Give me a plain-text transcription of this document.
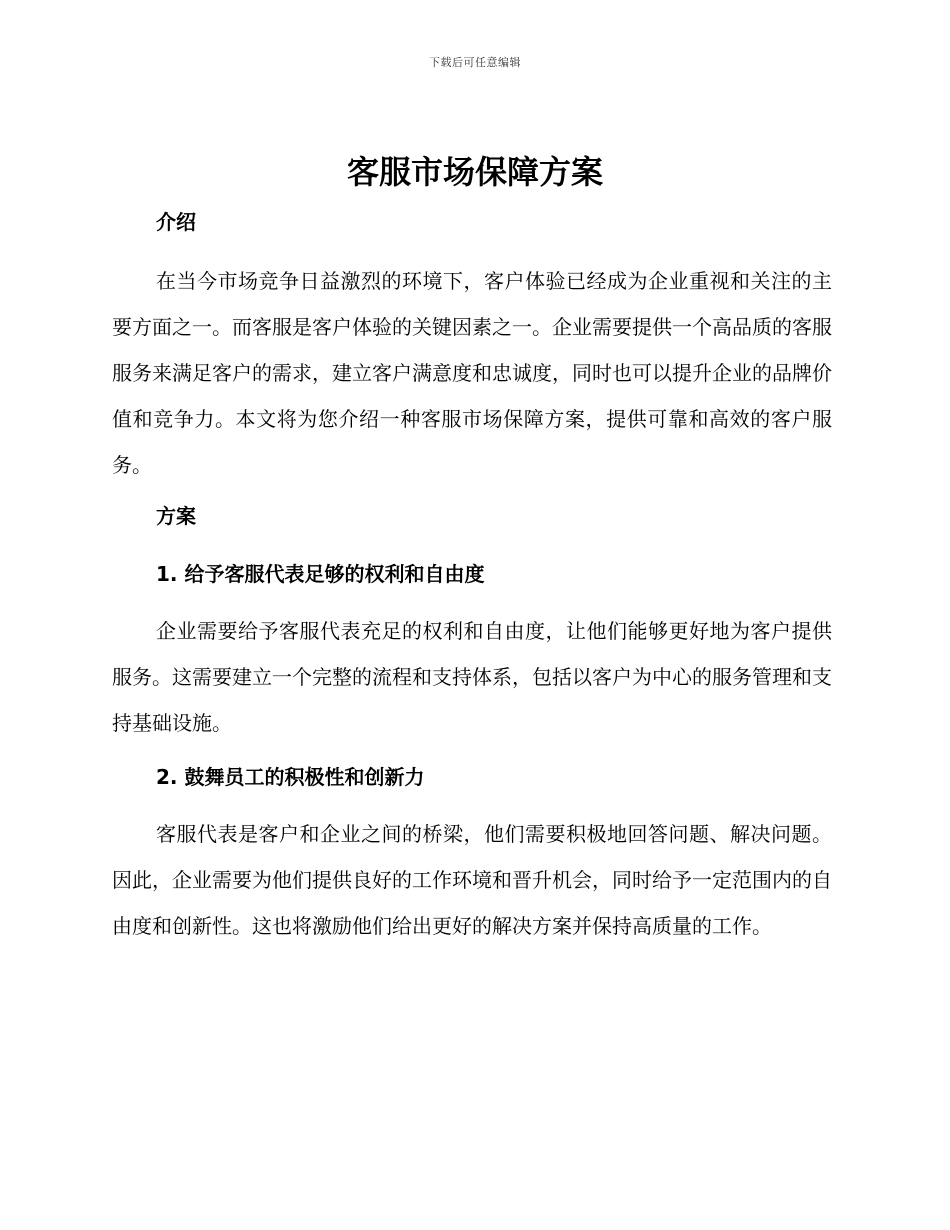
下载后可任意编辑
客服市场保障方案
介绍

在当今市场竞争日益激烈的环境下，客户体验已经成为企业重视和关注的主要方面之一。而客服是客户体验的关键因素之一。企业需要提供一个高品质的客服服务来满足客户的需求，建立客户满意度和忠诚度，同时也可以提升企业的品牌价值和竞争力。本文将为您介绍一种客服市场保障方案，提供可靠和高效的客户服务。

方案
1. 给予客服代表足够的权利和自由度

企业需要给予客服代表充足的权利和自由度，让他们能够更好地为客户提供服务。这需要建立一个完整的流程和支持体系，包括以客户为中心的服务管理和支持基础设施。

2. 鼓舞员工的积极性和创新力

客服代表是客户和企业之间的桥梁，他们需要积极地回答问题、解决问题。因此，企业需要为他们提供良好的工作环境和晋升机会，同时给予一定范围内的自由度和创新性。这也将激励他们给出更好的解决方案并保持高质量的工作。
